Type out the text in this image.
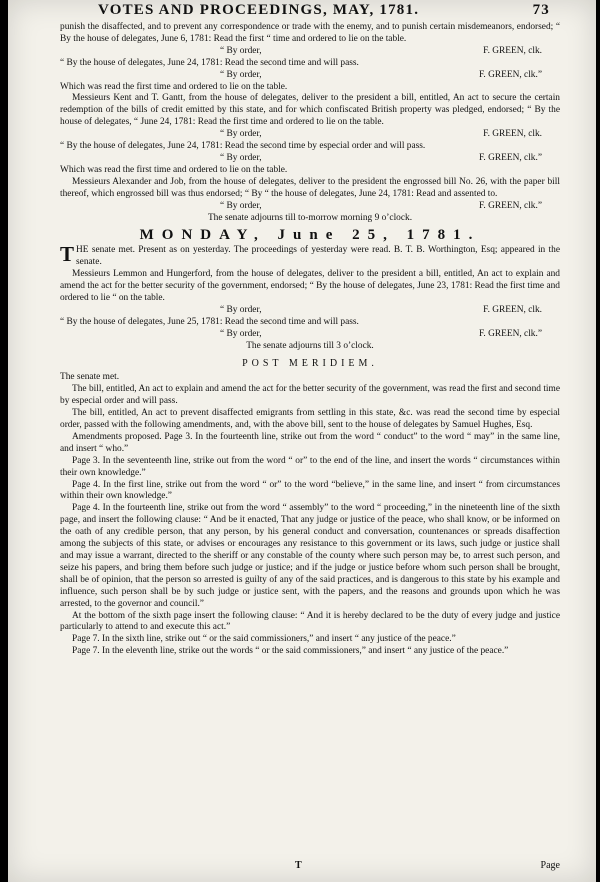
VOTES AND PROCEEDINGS, MAY, 1781.	73

punish the disaffected, and to prevent any correspondence or trade with the enemy, and to punish certain misdemeanors, endorsed; “ By the house of delegates, June 6, 1781: Read the first “ time and ordered to lie on the table.

“ By order,	F. GREEN, clk.

“ By the house of delegates, June 24, 1781: Read the second time and will pass.

“ By order,	F. GREEN, clk.”

Which was read the first time and ordered to lie on the table.

Messieurs Kent and T. Gantt, from the house of delegates, deliver to the president a bill, entitled, An act to secure the certain redemption of the bills of credit emitted by this state, and for which confiscated British property was pledged, endorsed; “ By the house of delegates, “ June 24, 1781: Read the first time and ordered to lie on the table.

“ By order,	F. GREEN, clk.

“ By the house of delegates, June 24, 1781: Read the second time by especial order and will pass.

“ By order,	F. GREEN, clk.”

Which was read the first time and ordered to lie on the table.

Messieurs Alexander and Job, from the house of delegates, deliver to the president the engrossed bill No. 26, with the paper bill thereof, which engrossed bill was thus endorsed; “ By “ the house of delegates, June 24, 1781: Read and assented to.

“ By order,	F. GREEN, clk.”

The senate adjourns till to-morrow morning 9 o’clock.

MONDAY, June 25, 1781.

THE senate met. Present as on yesterday. The proceedings of yesterday were read. B. T. B. Worthington, Esq; appeared in the senate.

Messieurs Lemmon and Hungerford, from the house of delegates, deliver to the president a bill, entitled, An act to explain and amend the act for the better security of the government, endorsed; “ By the house of delegates, June 23, 1781: Read the first time and ordered to lie “ on the table.

“ By order,	F. GREEN, clk.

“ By the house of delegates, June 25, 1781: Read the second time and will pass.

“ By order,	F. GREEN, clk.”

The senate adjourns till 3 o’clock.

POST MERIDIEM.

The senate met.

The bill, entitled, An act to explain and amend the act for the better security of the government, was read the first and second time by especial order and will pass.

The bill, entitled, An act to prevent disaffected emigrants from settling in this state, &c. was read the second time by especial order, passed with the following amendments, and, with the above bill, sent to the house of delegates by Samuel Hughes, Esq.

Amendments proposed. Page 3. In the fourteenth line, strike out from the word “ conduct” to the word “ may” in the same line, and insert “ who.”

Page 3. In the seventeenth line, strike out from the word “ or” to the end of the line, and insert the words “ circumstances within their own knowledge.”

Page 4. In the first line, strike out from the word “ or” to the word “believe,” in the same line, and insert “ from circumstances within their own knowledge.”

Page 4. In the fourteenth line, strike out from the word “ assembly” to the word “ proceeding,” in the nineteenth line of the sixth page, and insert the following clause: “ And be it enacted, That any judge or justice of the peace, who shall know, or be informed on the oath of any credible person, that any person, by his general conduct and conversation, countenances or spreads disaffection among the subjects of this state, or advises or encourages any resistance to this government or its laws, such judge or justice shall and may issue a warrant, directed to the sheriff or any constable of the county where such person may be, to arrest such person, and seize his papers, and bring them before such judge or justice; and if the judge or justice before whom such person shall be brought, shall be of opinion, that the person so arrested is guilty of any of the said practices, and is dangerous to this state by his example and influence, such person shall be by such judge or justice sent, with the papers, and the reasons and grounds upon which he was arrested, to the governor and council.”

At the bottom of the sixth page insert the following clause: “ And it is hereby declared to be the duty of every judge and justice particularly to attend to and execute this act.”

Page 7. In the sixth line, strike out “ or the said commissioners,” and insert “ any justice of the peace.”

Page 7. In the eleventh line, strike out the words “ or the said commissioners,” and insert “ any justice of the peace.”

T	Page
